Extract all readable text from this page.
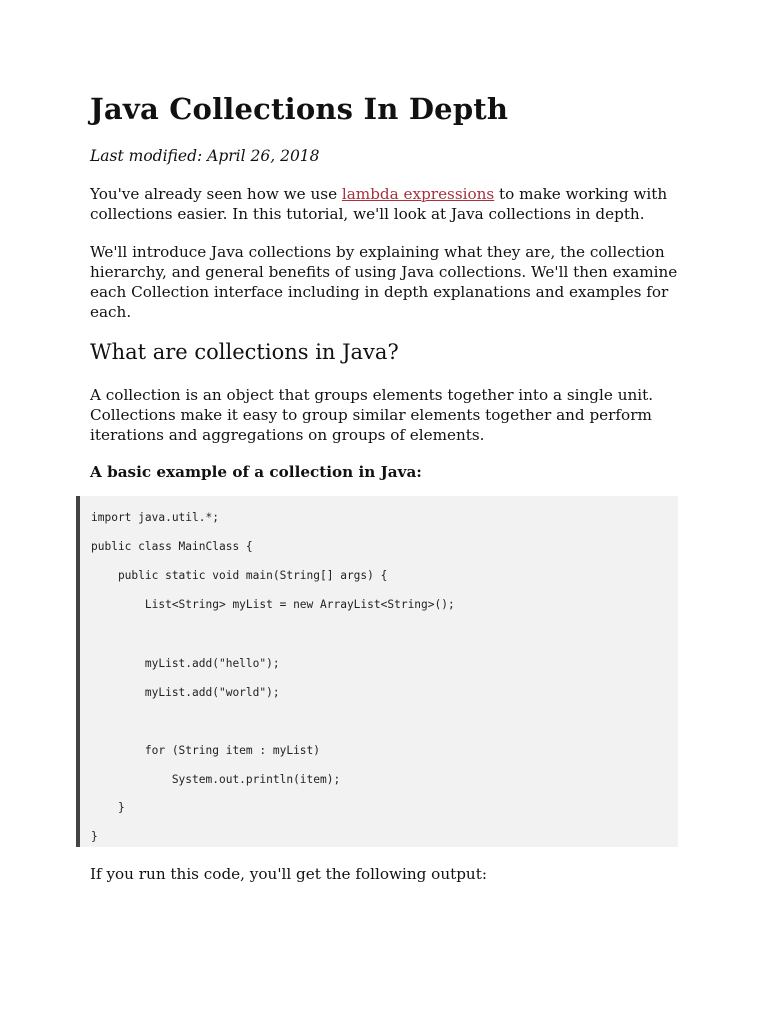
Java Collections In Depth

Last modified: April 26, 2018

You've already seen how we use lambda expressions to make working with
collections easier. In this tutorial, we'll look at Java collections in depth.

We'll introduce Java collections by explaining what they are, the collection
hierarchy, and general benefits of using Java collections. We'll then examine
each Collection interface including in depth explanations and examples for
each.

What are collections in Java?

A collection is an object that groups elements together into a single unit.
Collections make it easy to group similar elements together and perform
iterations and aggregations on groups of elements.

A basic example of a collection in Java:

If you run this code, you'll get the following output:

import java.util.*;
public class MainClass {
public static void main(String[] args) {
List<String> myList = new ArrayList<String>();
myList.add("hello");
myList.add("world");
for (String item : myList)
System.out.println(item);
}
}
